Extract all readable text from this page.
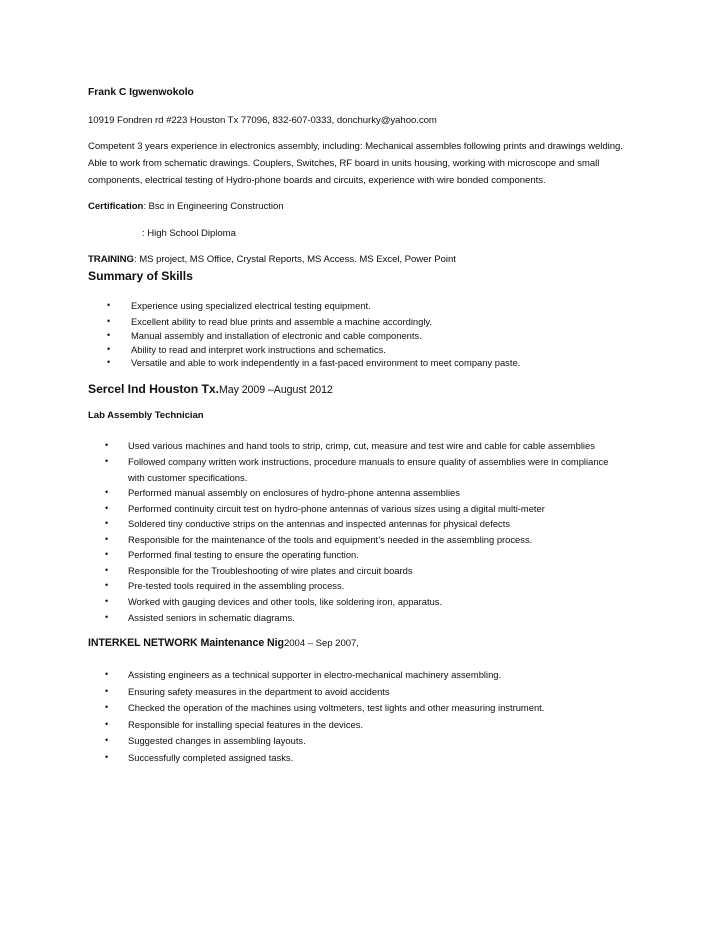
Frank C Igwenwokolo
10919 Fondren rd #223 Houston Tx 77096, 832-607-0333, donchurky@yahoo.com
Competent 3 years experience in electronics assembly, including: Mechanical assembles following prints and drawings welding.
Able to work from schematic drawings. Couplers, Switches, RF board in units housing, working with microscope and small
components, electrical testing of Hydro-phone boards and circuits, experience with wire bonded components.
Certification: Bsc in Engineering Construction
: High School Diploma
TRAINING: MS project, MS Office, Crystal Reports, MS Access. MS Excel, Power Point
Summary of Skills
•
Experience using specialized electrical testing equipment.
•
Excellent ability to read blue prints and assemble a machine accordingly.
•
Manual assembly and installation of electronic and cable components.
•
Ability to read and interpret work instructions and schematics.
•
Versatile and able to work independently in a fast-paced environment to meet company paste.
Sercel Ind Houston Tx.May 2009 –August 2012
Lab Assembly Technician
•
Used various machines and hand tools to strip, crimp, cut, measure and test wire and cable for cable assemblies
•
Followed company written work instructions, procedure manuals to ensure quality of assemblies were in compliance
with customer specifications.
•
Performed manual assembly on enclosures of hydro-phone antenna assemblies
•
Performed continuity circuit test on hydro-phone antennas of various sizes using a digital multi-meter
•
Soldered tiny conductive strips on the antennas and inspected antennas for physical defects
•
Responsible for the maintenance of the tools and equipment’s needed in the assembling process.
•
Performed final testing to ensure the operating function.
•
Responsible for the Troubleshooting of wire plates and circuit boards
•
Pre-tested tools required in the assembling process.
•
Worked with gauging devices and other tools, like soldering iron, apparatus.
•
Assisted seniors in schematic diagrams.
INTERKEL NETWORK Maintenance Nig2004 – Sep 2007,
•
Assisting engineers as a technical supporter in electro-mechanical machinery assembling.
•
Ensuring safety measures in the department to avoid accidents
•
Checked the operation of the machines using voltmeters, test lights and other measuring instrument.
•
Responsible for installing special features in the devices.
•
Suggested changes in assembling layouts.
•
Successfully completed assigned tasks.
